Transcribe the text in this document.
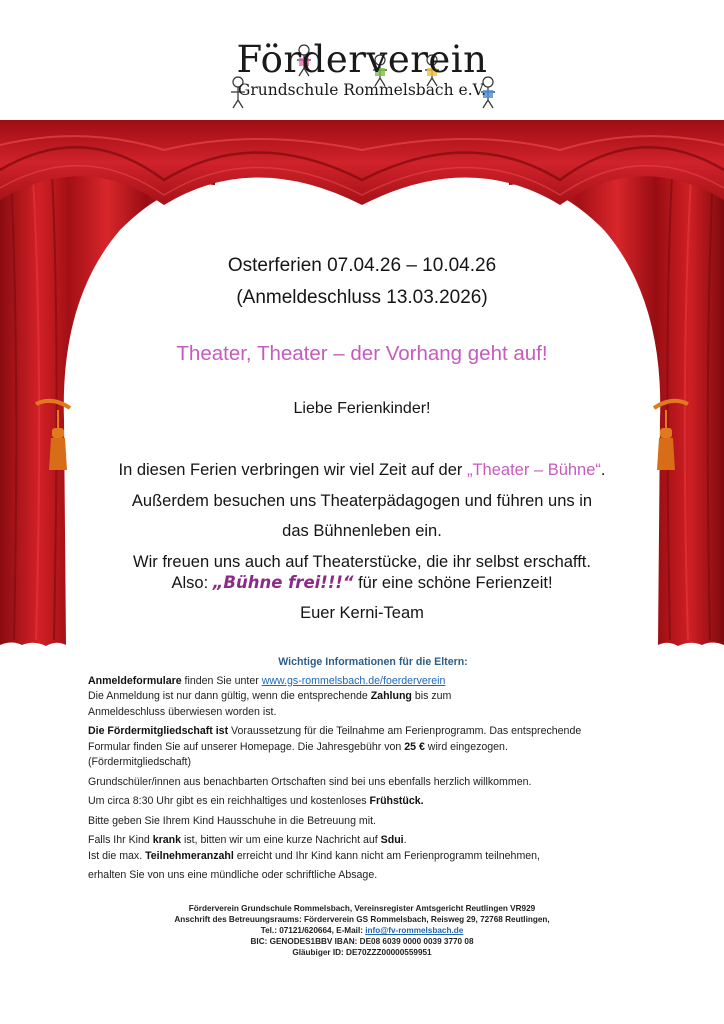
Förderverein
Grundschule Rommelsbach e.V.
Osterferien 07.04.26 – 10.04.26
(Anmeldeschluss 13.03.2026)
Theater, Theater – der Vorhang geht auf!
Liebe Ferienkinder!
In diesen Ferien verbringen wir viel Zeit auf der „Theater – Bühne“.
Außerdem besuchen uns Theaterpädagogen und führen uns in
das Bühnenleben ein.
Wir freuen uns auch auf Theaterstücke, die ihr selbst erschafft.
Also: „Bühne frei!!!“ für eine schöne Ferienzeit!
Euer Kerni-Team

Wichtige Informationen für die Eltern:

Anmeldeformulare finden Sie unter www.gs-rommelsbach.de/foerderverein

Die Anmeldung ist nur dann gültig, wenn die entsprechende Zahlung bis zum

Anmeldeschluss überwiesen worden ist.

Die Fördermitgliedschaft ist Voraussetzung für die Teilnahme am Ferienprogramm. Das entsprechende

Formular finden Sie auf unserer Homepage. Die Jahresgebühr von 25 € wird eingezogen.

(Fördermitgliedschaft)

Grundschüler/innen aus benachbarten Ortschaften sind bei uns ebenfalls herzlich willkommen.

Um circa 8:30 Uhr gibt es ein reichhaltiges und kostenloses Frühstück.

Bitte geben Sie Ihrem Kind Hausschuhe in die Betreuung mit.

Falls Ihr Kind krank ist, bitten wir um eine kurze Nachricht auf Sdui.

Ist die max. Teilnehmeranzahl erreicht und Ihr Kind kann nicht am Ferienprogramm teilnehmen,

erhalten Sie von uns eine mündliche oder schriftliche Absage.

Förderverein Grundschule Rommelsbach, Vereinsregister Amtsgericht Reutlingen VR929
Anschrift des Betreuungsraums: Förderverein GS Rommelsbach, Reisweg 29, 72768 Reutlingen,
Tel.: 07121/620664, E-Mail: info@fv-rommelsbach.de
BIC: GENODES1BBV IBAN: DE08 6039 0000 0039 3770 08
Gläubiger ID: DE70ZZZ00000559951
